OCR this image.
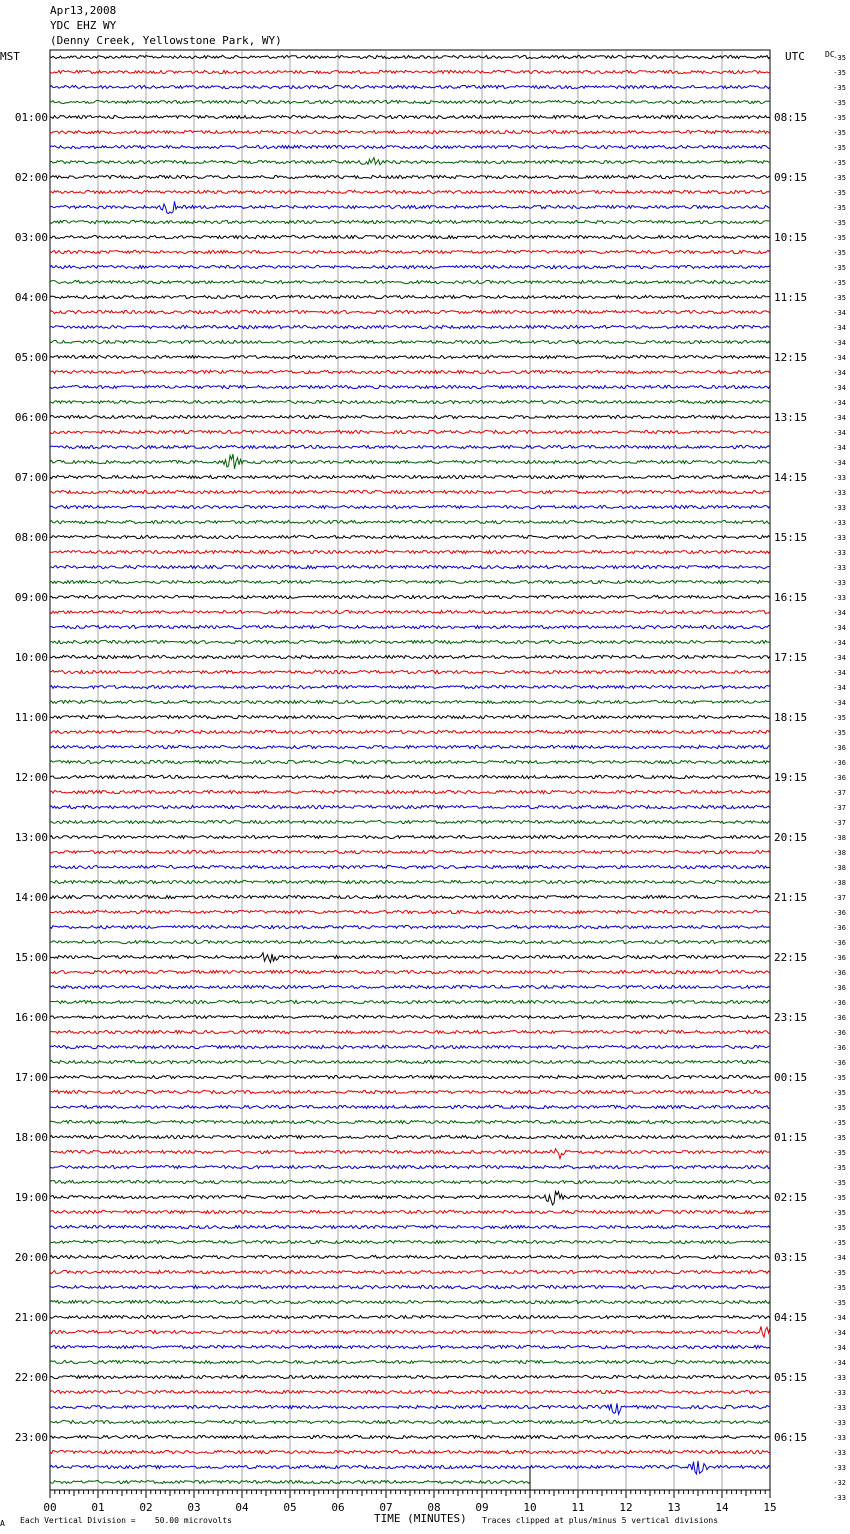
Apr13,2008
YDC EHZ WY
(Denny Creek, Yellowstone Park, WY)
MST	UTC	DC
01:00
02:00
03:00
04:00
05:00
06:00
07:00
08:00
09:00
10:00
11:00
12:00
13:00
14:00
15:00
16:00
17:00
18:00
19:00
20:00
21:00
22:00
23:00
08:15
09:15
10:15
11:15
12:15
13:15
14:15
15:15
16:15
17:15
18:15
19:15
20:15
21:15
22:15
23:15
00:15
01:15
02:15
03:15
04:15
05:15
06:15
-35
-35
-35
-35
-35
-35
-35
-35
-35
-35
-35
-35
-35
-35
-35
-35
-35
-34
-34
-34
-34
-34
-34
-34
-34
-34
-34
-34
-33
-33
-33
-33
-33
-33
-33
-33
-33
-34
-34
-34
-34
-34
-34
-34
-35
-35
-36
-36
-36
-37
-37
-37
-38
-38
-38
-38
-37
-36
-36
-36
-36
-36
-36
-36
-36
-36
-36
-36
-35
-35
-35
-35
-35
-35
-35
-35
-35
-35
-35
-35
-34
-35
-35
-35
-34
-34
-34
-34
-33
-33
-33
-33
-33
-33
-33
-32
-33
00	01	02	03	04	05	06	07	08	09	10	11	12	13	14	15
A Each Vertical Division =    50.00 microvolts	TIME (MINUTES) Traces clipped at plus/minus 5 vertical divisions
